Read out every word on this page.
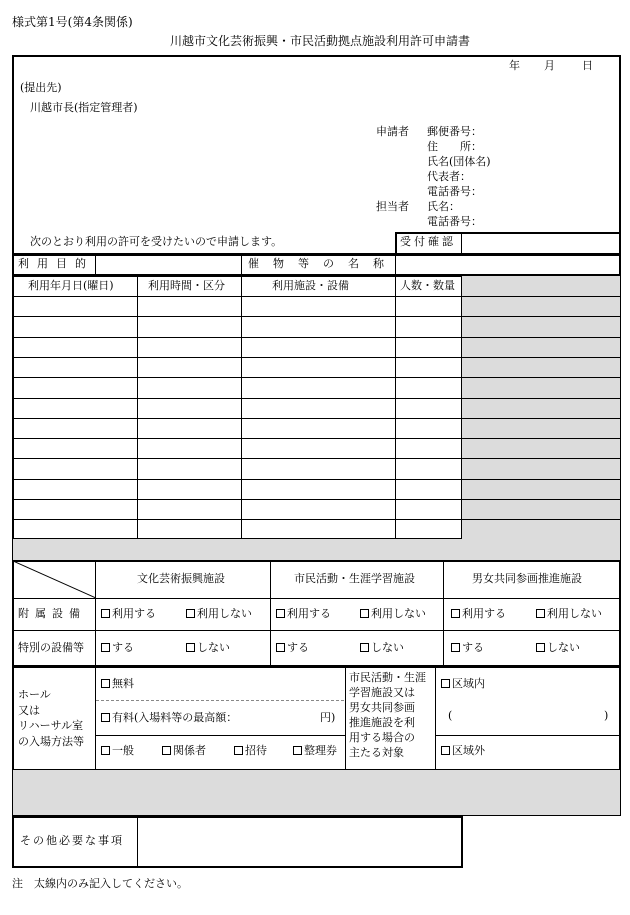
様式第1号(第4条関係)
川越市文化芸術振興・市民活動拠点施設利用許可申請書
年 月 日
(提出先)
川越市長(指定管理者)
申請者 郵便番号：
住　　所：
氏名(団体名)
代表者：
電話番号：
担当者 氏名：
電話番号：
次のとおり利用の許可を受けたいので申請します。	受付確認
利用目的	催物等の名称
利用年月日(曜日)	利用時間・区分	利用施設・設備	人数・数量
文化芸術振興施設	市民活動・生涯学習施設	男女共同参画推進施設
附属設備	利用する	利用しない	利用する	利用しない	利用する	利用しない
特別の設備等	する	しない	する	しない	する	しない
ホール
又は
リハーサル室
の入場方法等
無料
有料(入場料等の最高額：	円)
一般	関係者	招待	整理券
市民活動・生涯
学習施設又は
男女共同参画
推進施設を利
用する場合の
主たる対象
区域内
(	)
区域外
その他必要な事項
注　太線内のみ記入してください。
